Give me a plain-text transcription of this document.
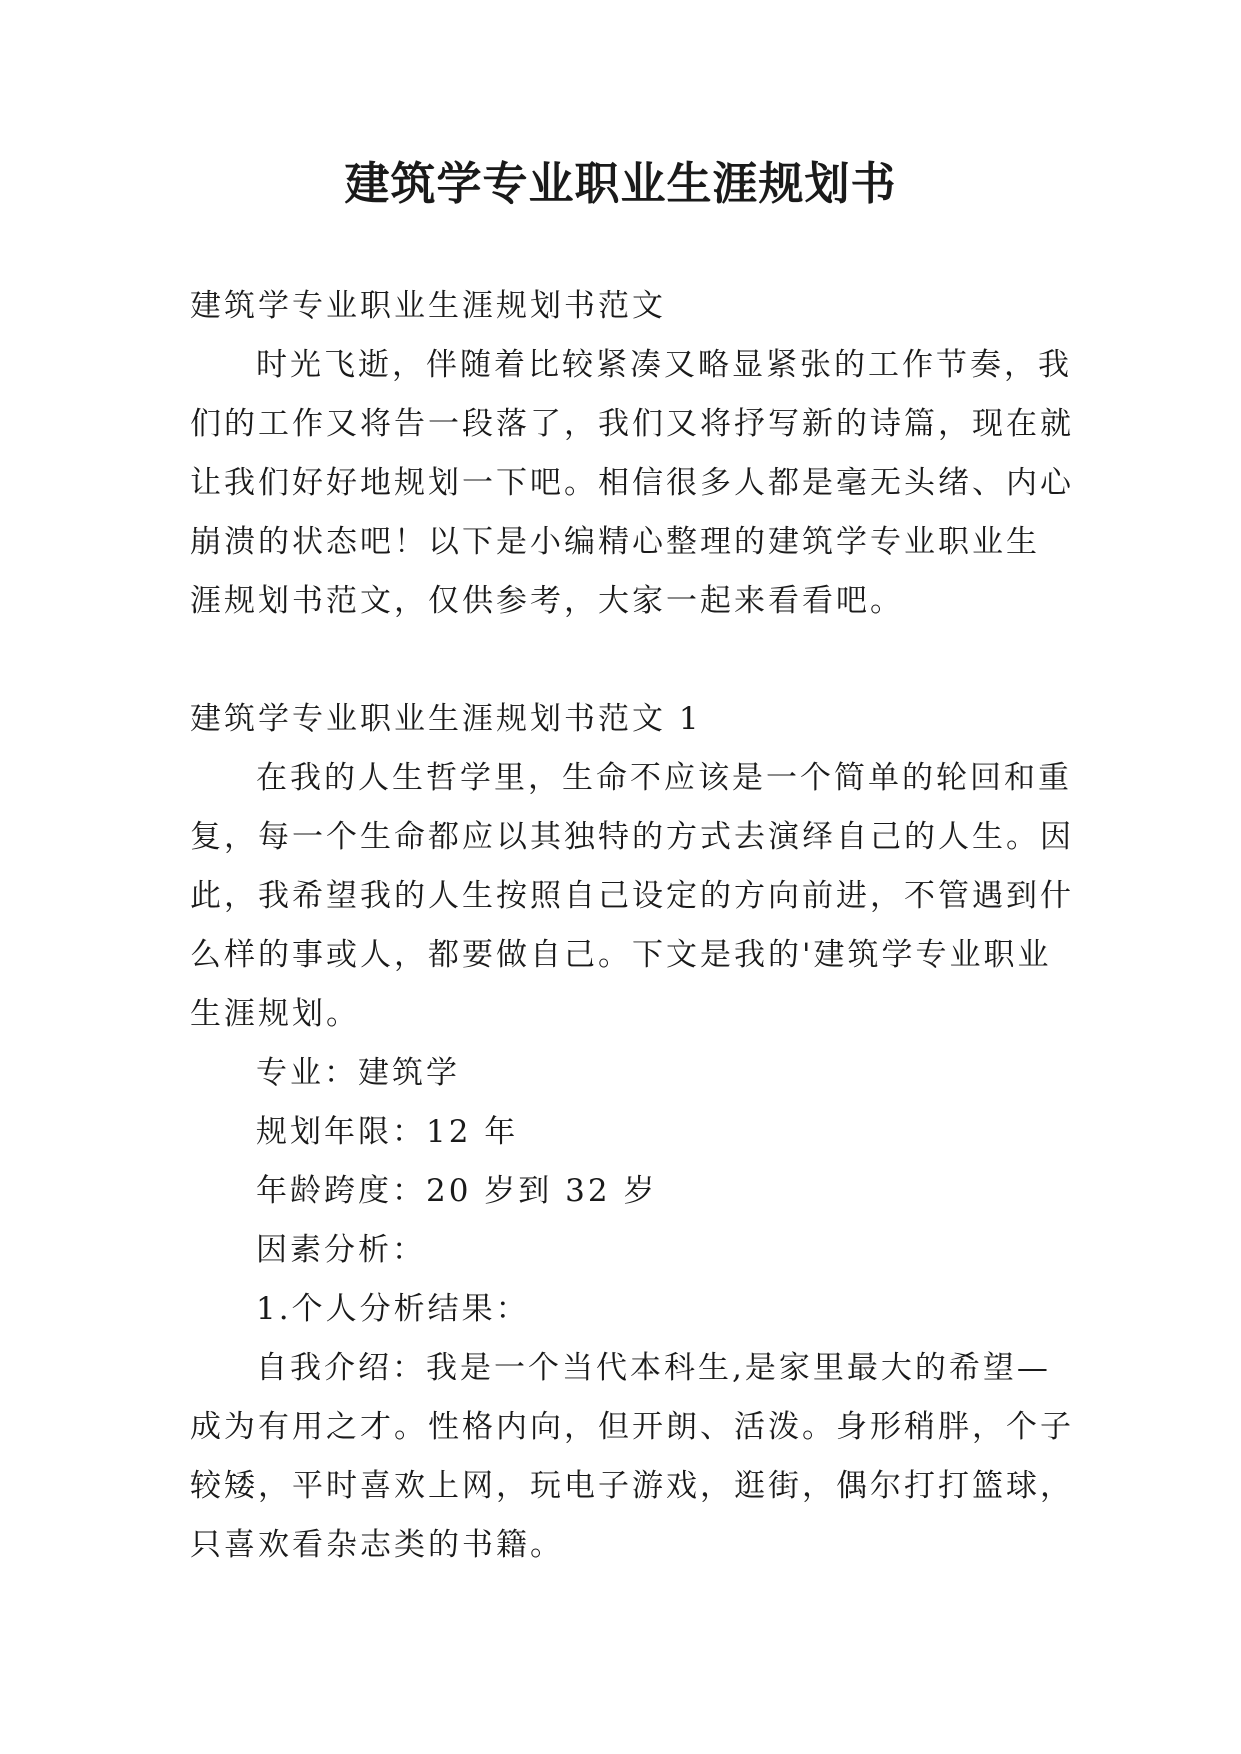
建筑学专业职业生涯规划书
建筑学专业职业生涯规划书范文
时光飞逝，伴随着比较紧凑又略显紧张的工作节奏，我
们的工作又将告一段落了，我们又将抒写新的诗篇，现在就
让我们好好地规划一下吧。相信很多人都是毫无头绪、内心
崩溃的状态吧！以下是小编精心整理的建筑学专业职业生
涯规划书范文，仅供参考，大家一起来看看吧。
建筑学专业职业生涯规划书范文 1
在我的人生哲学里，生命不应该是一个简单的轮回和重
复，每一个生命都应以其独特的方式去演绎自己的人生。因
此，我希望我的人生按照自己设定的方向前进，不管遇到什
么样的事或人，都要做自己。下文是我的'建筑学专业职业
生涯规划。
专业：建筑学
规划年限：12 年
年龄跨度：20 岁到 32 岁
因素分析：
1.个人分析结果：
自我介绍：我是一个当代本科生,是家里最大的希望—
成为有用之才。性格内向，但开朗、活泼。身形稍胖，个子
较矮，平时喜欢上网，玩电子游戏，逛街，偶尔打打篮球，
只喜欢看杂志类的书籍。
